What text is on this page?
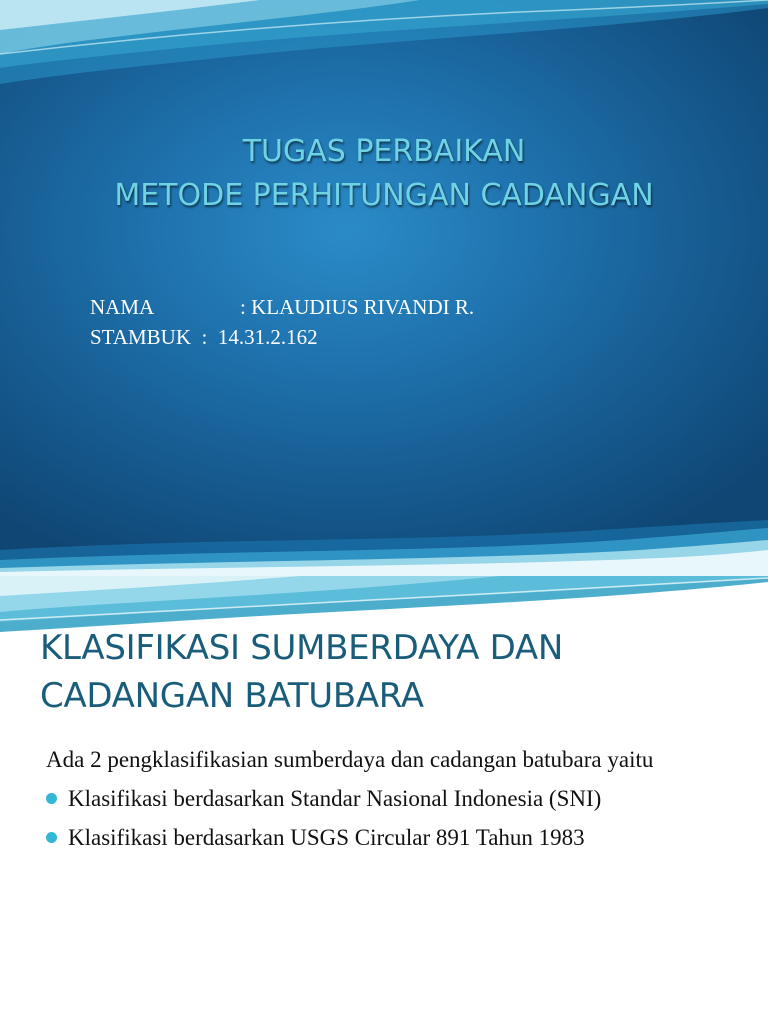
TUGAS PERBAIKAN
METODE PERHITUNGAN CADANGAN
NAMA	: KLAUDIUS RIVANDI R.
STAMBUK :  14.31.2.162
KLASIFIKASI SUMBERDAYA DAN
CADANGAN BATUBARA
Ada 2 pengklasifikasian sumberdaya dan cadangan batubara yaitu
Klasifikasi berdasarkan Standar Nasional Indonesia (SNI)
Klasifikasi berdasarkan USGS Circular 891 Tahun 1983
